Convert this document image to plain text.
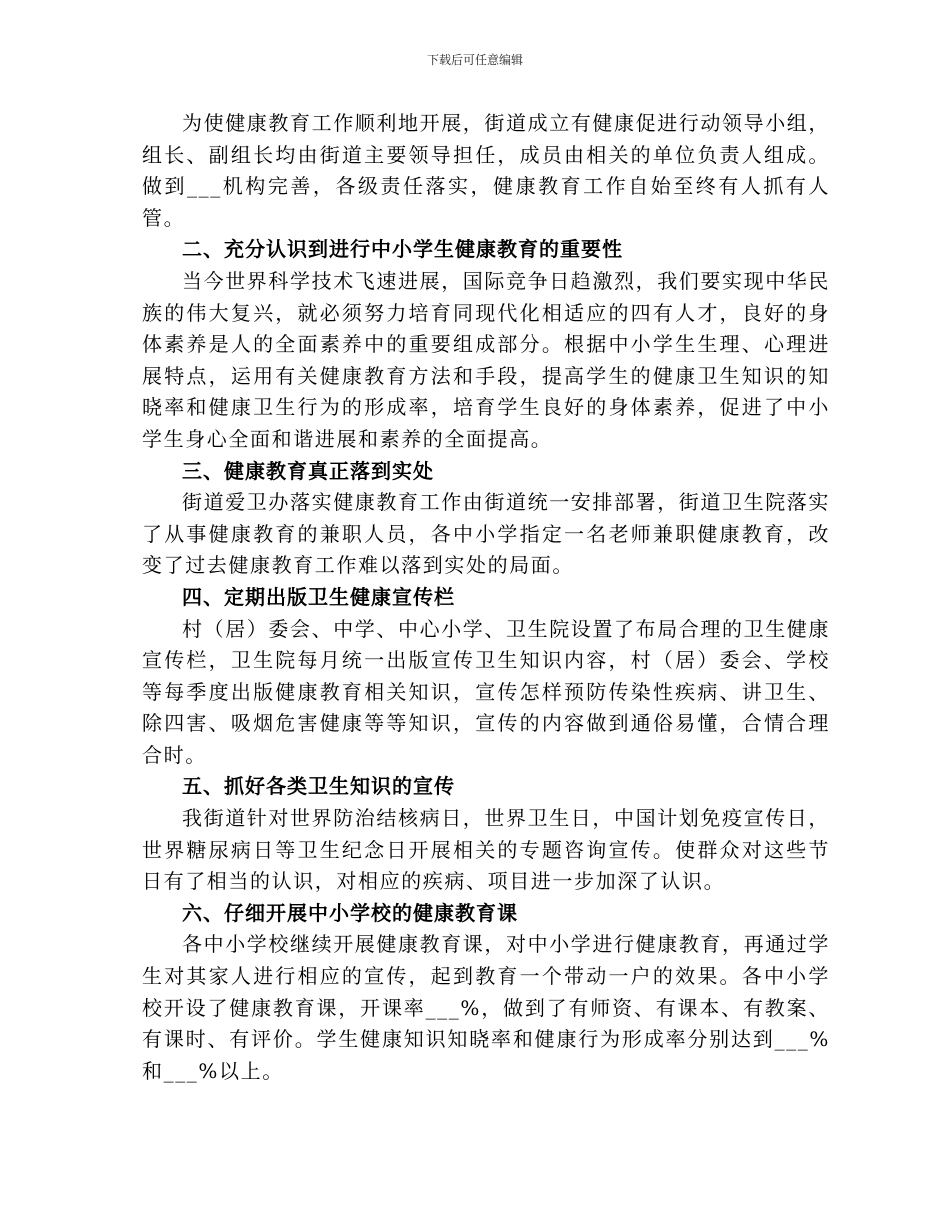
下载后可任意编辑

为使健康教育工作顺利地开展，街道成立有健康促进行动领导小组，组长、副组长均由街道主要领导担任，成员由相关的单位负责人组成。做到___机构完善，各级责任落实，健康教育工作自始至终有人抓有人管。

二、充分认识到进行中小学生健康教育的重要性

当今世界科学技术飞速进展，国际竞争日趋激烈，我们要实现中华民族的伟大复兴，就必须努力培育同现代化相适应的四有人才，良好的身体素养是人的全面素养中的重要组成部分。根据中小学生生理、心理进展特点，运用有关健康教育方法和手段，提高学生的健康卫生知识的知晓率和健康卫生行为的形成率，培育学生良好的身体素养，促进了中小学生身心全面和谐进展和素养的全面提高。

三、健康教育真正落到实处

街道爱卫办落实健康教育工作由街道统一安排部署，街道卫生院落实了从事健康教育的兼职人员，各中小学指定一名老师兼职健康教育，改变了过去健康教育工作难以落到实处的局面。

四、定期出版卫生健康宣传栏

村（居）委会、中学、中心小学、卫生院设置了布局合理的卫生健康宣传栏，卫生院每月统一出版宣传卫生知识内容，村（居）委会、学校等每季度出版健康教育相关知识，宣传怎样预防传染性疾病、讲卫生、除四害、吸烟危害健康等等知识，宣传的内容做到通俗易懂，合情合理合时。

五、抓好各类卫生知识的宣传

我街道针对世界防治结核病日，世界卫生日，中国计划免疫宣传日，世界糖尿病日等卫生纪念日开展相关的专题咨询宣传。使群众对这些节日有了相当的认识，对相应的疾病、项目进一步加深了认识。

六、仔细开展中小学校的健康教育课

各中小学校继续开展健康教育课，对中小学进行健康教育，再通过学生对其家人进行相应的宣传，起到教育一个带动一户的效果。各中小学校开设了健康教育课，开课率___%，做到了有师资、有课本、有教案、有课时、有评价。学生健康知识知晓率和健康行为形成率分别达到___%和___%以上。
